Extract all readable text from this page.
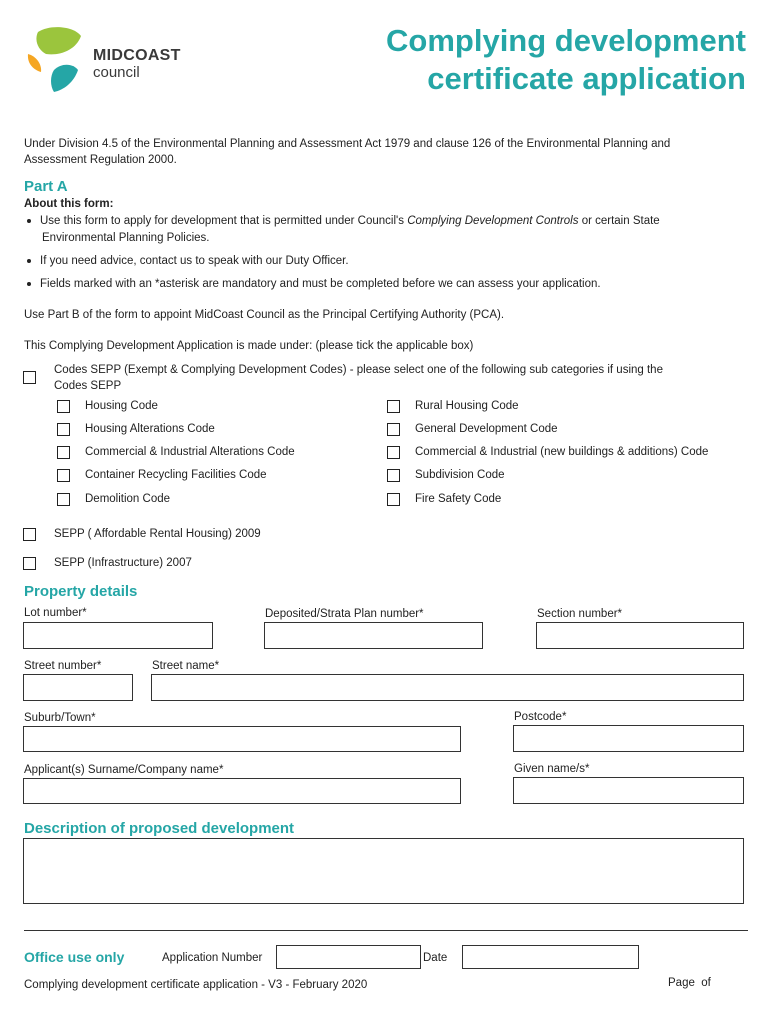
MIDCOAST
council
Complying development
certificate application
Under Division 4.5 of the Environmental Planning and Assessment Act 1979 and clause 126 of the Environmental Planning and
Assessment Regulation 2000.
Part A
About this form:
Use this form to apply for development that is permitted under Council's Complying Development Controls or certain State
Environmental Planning Policies.
If you need advice, contact us to speak with our Duty Officer.
Fields marked with an *asterisk are mandatory and must be completed before we can assess your application.
Use Part B of the form to appoint MidCoast Council as the Principal Certifying Authority (PCA).
This Complying Development Application is made under: (please tick the applicable box)
Codes SEPP (Exempt & Complying Development Codes) - please select one of the following sub categories if using the
Codes SEPP
Housing Code
Housing Alterations Code
Commercial & Industrial Alterations Code
Container Recycling Facilities Code
Demolition Code
Rural Housing Code
General Development Code
Commercial & Industrial (new buildings & additions) Code
Subdivision Code
Fire Safety Code
SEPP ( Affordable Rental Housing) 2009
SEPP (Infrastructure) 2007
Property details
Lot number*	Deposited/Strata Plan number*	Section number*
Street number*	Street name*
Suburb/Town*	Postcode*
Applicant(s) Surname/Company name*	Given name/s*
Description of proposed development
Office use only	Application Number	Date
Complying development certificate application - V3 - February 2020	Page  of
